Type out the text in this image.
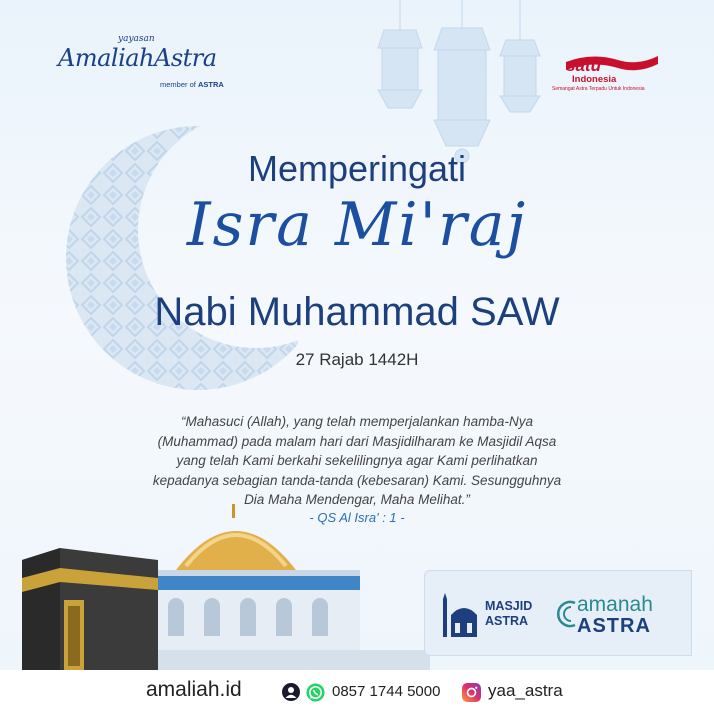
yayasan
AmaliahAstra
member of ASTRA
satu
Indonesia
Semangat Astra Terpadu Untuk Indonesia
Memperingati
Isra Mi'raj
Nabi Muhammad SAW
27 Rajab 1442H
“Mahasuci (Allah), yang telah memperjalankan hamba-Nya
(Muhammad) pada malam hari dari Masjidilharam ke Masjidil Aqsa
yang telah Kami berkahi sekelilingnya agar Kami perlihatkan
kepadanya sebagian tanda-tanda (kebesaran) Kami. Sesungguhnya
Dia Maha Mendengar, Maha Melihat.”
- QS Al Isra' : 1 -
MASJID
ASTRA
amanah
ASTRA
amaliah.id	0857 1744 5000	yaa_astra
